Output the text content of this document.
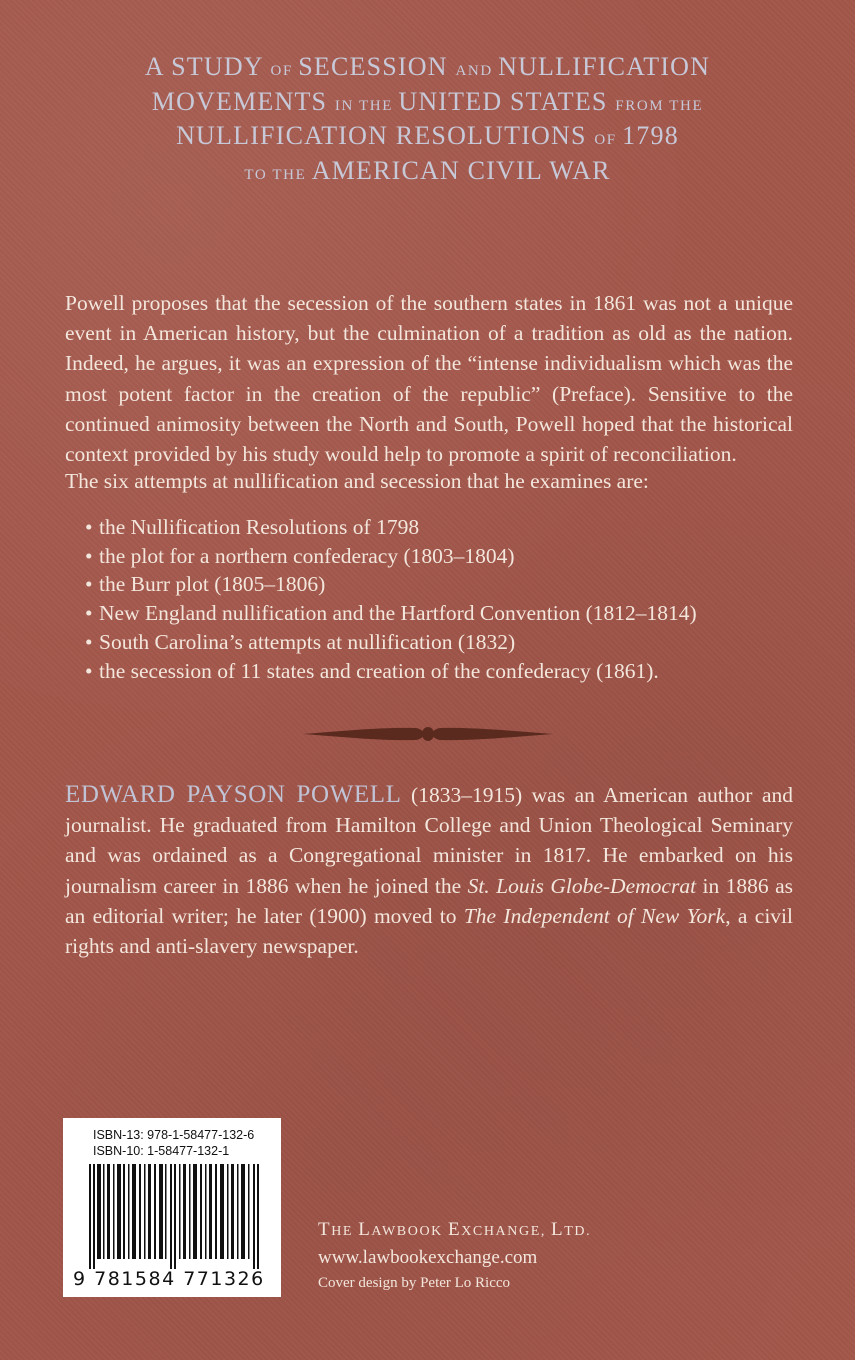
A STUDY OF SECESSION AND NULLIFICATION
MOVEMENTS IN THE UNITED STATES FROM THE
NULLIFICATION RESOLUTIONS OF 1798
TO THE AMERICAN CIVIL WAR

Powell proposes that the secession of the southern states in 1861 was not a unique event in American history, but the culmination of a tradition as old as the nation. Indeed, he argues, it was an expression of the “intense individualism which was the most potent factor in the creation of the republic” (Preface). Sensitive to the continued animosity between the North and South, Powell hoped that the historical context provided by his study would help to promote a spirit of reconciliation.

The six attempts at nullification and secession that he examines are:

• the Nullification Resolutions of 1798
• the plot for a northern confederacy (1803–1804)
• the Burr plot (1805–1806)
• New England nullification and the Hartford Convention (1812–1814)
• South Carolina’s attempts at nullification (1832)
• the secession of 11 states and creation of the confederacy (1861).

EDWARD PAYSON POWELL (1833–1915) was an American author and journalist. He graduated from Hamilton College and Union Theological Seminary and was ordained as a Congregational minister in 1817. He embarked on his journalism career in 1886 when he joined the St. Louis Globe-Democrat in 1886 as an editorial writer; he later (1900) moved to The Independent of New York, a civil rights and anti-slavery newspaper.

ISBN-13: 978-1-58477-132-6
ISBN-10: 1-58477-132-1
9 781584 771326
THE LAWBOOK EXCHANGE, LTD.
www.lawbookexchange.com
Cover design by Peter Lo Ricco
